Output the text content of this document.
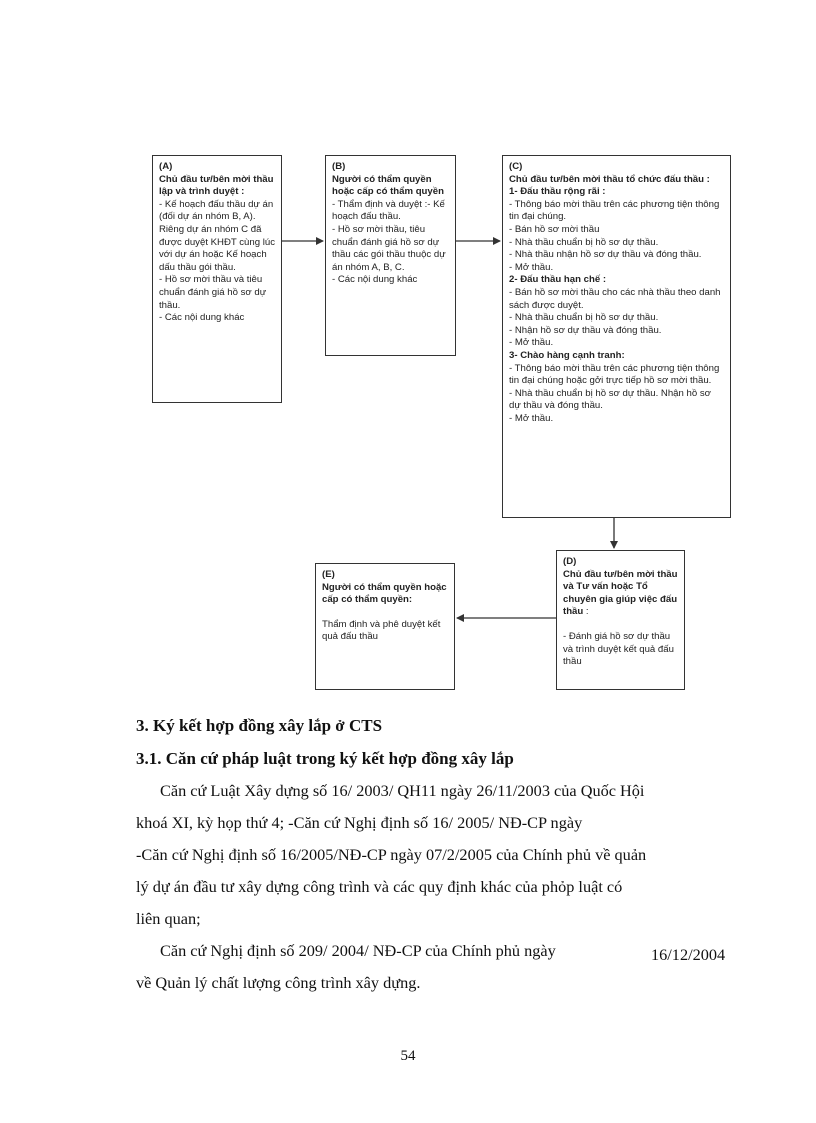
(A)
Chủ đầu tư/bên mời thầu lập và trình duyệt :
- Kế hoạch đấu thầu dự án (đối dự án nhóm B, A). Riêng dự án nhóm C đã được duyệt KHĐT cùng lúc với dự án hoặc Kế hoạch dấu thầu gói thầu.
- Hồ sơ mời thầu và tiêu chuẩn đánh giá hồ sơ dự thầu.
- Các nội dung khác
(B)
Người có thẩm quyền hoặc cấp có thẩm quyền
- Thẩm định và duyệt :- Kế hoạch đấu thầu.
- Hồ sơ mời thầu, tiêu chuẩn đánh giá hồ sơ dự thầu các gói thầu thuộc dự án nhóm A, B, C.
- Các nội dung khác
(C)
Chủ đầu tư/bên mời thầu tổ chức đấu thầu :
1- Đấu thầu rộng rãi :
- Thông báo mời thầu trên các phương tiện thông tin đại chúng.
- Bán hồ sơ mời thầu
- Nhà thầu chuẩn bị hồ sơ dự thầu.
- Nhà thầu nhận hồ sơ dự thầu và đóng thầu.
- Mở thầu.
2- Đấu thầu hạn chế :
- Bán hồ sơ mời thầu cho các nhà thầu theo danh sách được duyệt.
- Nhà thầu chuẩn bị hồ sơ dự thầu.
- Nhận hồ sơ dự thầu và đóng thầu.
- Mở thầu.
3- Chào hàng cạnh tranh:
- Thông báo mời thầu trên các phương tiện thông tin đại chúng hoặc gởi trực tiếp hồ sơ mời thầu.
- Nhà thầu chuẩn bị hồ sơ dự thầu. Nhận hồ sơ dự thầu và đóng thầu.
- Mở thầu.
(D)
Chủ đầu tư/bên mời thầu và Tư vấn hoặc Tổ chuyên gia giúp việc đấu thầu :
- Đánh giá hồ sơ dự thầu và trình duyệt kết quả đấu thầu
(E)
Người có thẩm quyền hoặc cấp có thẩm quyền:
Thẩm định và phê duyệt kết quả đấu thầu
3. Ký kết hợp đồng xây lắp ở CTS
3.1. Căn cứ pháp luật trong ký kết hợp đồng xây lắp
Căn cứ Luật Xây dựng số 16/ 2003/ QH11 ngày 26/11/2003 của Quốc Hội
khoá XI, kỳ họp thứ 4; -Căn cứ Nghị định số 16/ 2005/ NĐ-CP ngày
-Căn cứ Nghị định số 16/2005/NĐ-CP ngày 07/2/2005 của Chính phủ về quản
lý dự án đầu tư xây dựng công trình và các quy định khác của phỏp luật có
liên quan;
Căn cứ Nghị định số 209/ 2004/ NĐ-CP của Chính phủ ngày	16/12/2004
về Quản lý chất lượng công trình xây dựng.
54
